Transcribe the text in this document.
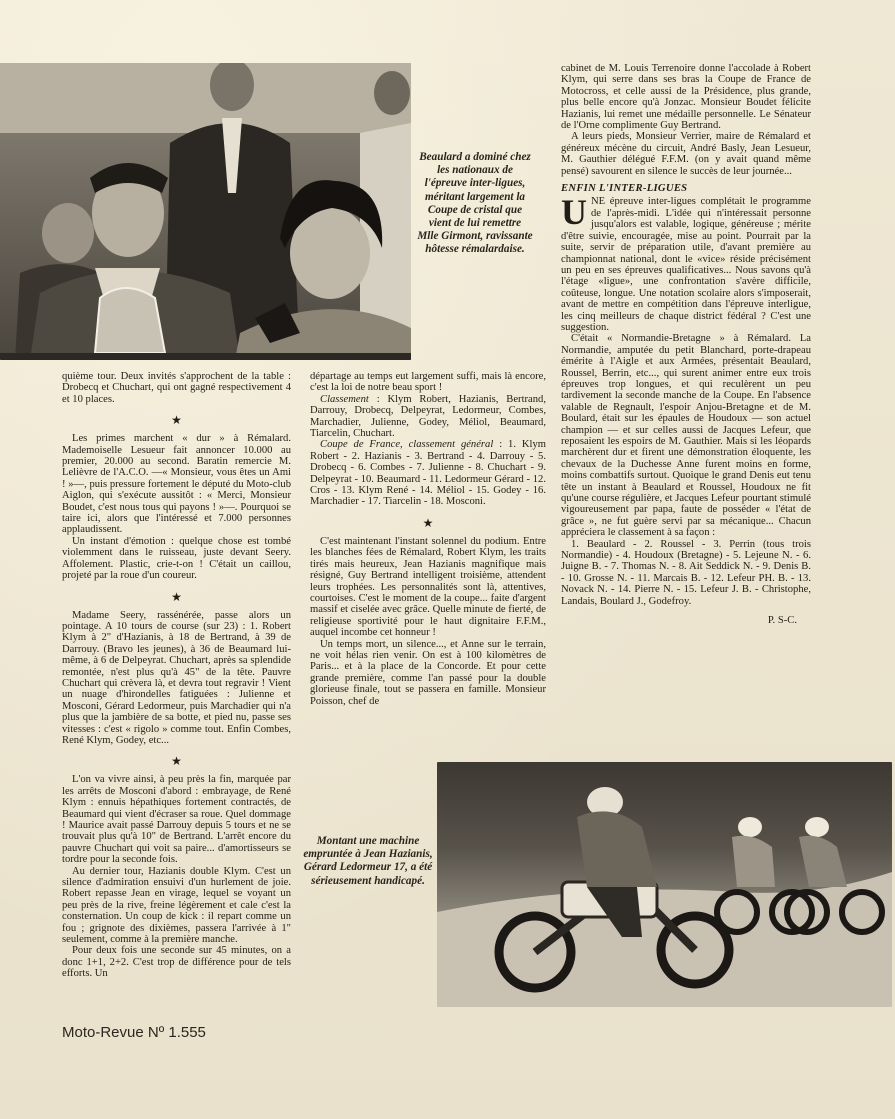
Beaulard a dominé chez les nationaux de l'épreuve inter-ligues, méritant largement la Coupe de cristal que vient de lui remettre Mlle Girmont, ravissante hôtesse rémalardaise.
Montant une machine empruntée à Jean Hazianis, Gérard Ledormeur 17, a été sérieusement handicapé.

quième tour. Deux invités s'approchent de la table : Drobecq et Chuchart, qui ont gagné respectivement 4 et 10 places.

★

Les primes marchent « dur » à Rémalard. Mademoiselle Lesueur fait annoncer 10.000 au premier, 20.000 au second. Baratin remercie M. Lelièvre de l'A.C.O. —« Monsieur, vous êtes un Ami ! »—, puis pressure fortement le député du Moto-club Aiglon, qui s'exécute aussitôt : « Merci, Monsieur Boudet, c'est nous tous qui payons ! »—. Pourquoi se taire ici, alors que l'intéressé et 7.000 personnes applaudissent.

Un instant d'émotion : quelque chose est tombé violemment dans le ruisseau, juste devant Seery. Affolement. Plastic, crie-t-on ! C'était un caillou, projeté par la roue d'un coureur.

★

Madame Seery, rassénérée, passe alors un pointage. A 10 tours de course (sur 23) : 1. Robert Klym à 2" d'Hazianis, à 18 de Bertrand, à 39 de Darrouy. (Bravo les jeunes), à 36 de Beaumard lui-même, à 6 de Delpeyrat. Chuchart, après sa splendide remontée, n'est plus qu'à 45" de la tête. Pauvre Chuchart qui crèvera là, et devra tout regravir ! Vient un nuage d'hirondelles fatiguées : Julienne et Mosconi, Gérard Ledormeur, puis Marchadier qui n'a plus que la jambière de sa botte, et pied nu, passe ses vitesses : c'est « rigolo » comme tout. Enfin Combes, René Klym, Godey, etc...

★

L'on va vivre ainsi, à peu près la fin, marquée par les arrêts de Mosconi d'abord : embrayage, de René Klym : ennuis hépathiques fortement contractés, de Beaumard qui vient d'écraser sa roue. Quel dommage ! Maurice avait passé Darrouy depuis 5 tours et ne se trouvait plus qu'à 10" de Bertrand. L'arrêt encore du pauvre Chuchart qui voit sa paire... d'amortisseurs se tordre pour la seconde fois.

Au dernier tour, Hazianis double Klym. C'est un silence d'admiration ensuivi d'un hurlement de joie. Robert repasse Jean en virage, lequel se voyant un peu près de la rive, freine légèrement et cale c'est la consternation. Un coup de kick : il repart comme un fou ; grignote des dixièmes, passera l'arrivée à 1" seulement, comme à la première manche.

Pour deux fois une seconde sur 45 minutes, on a donc 1+1, 2+2. C'est trop de différence pour de tels efforts. Un

départage au temps eut largement suffi, mais là encore, c'est la loi de notre beau sport !

Classement : Klym Robert, Hazianis, Bertrand, Darrouy, Drobecq, Delpeyrat, Ledormeur, Combes, Marchadier, Julienne, Godey, Méliol, Beaumard, Tiarcelin, Chuchart.

Coupe de France, classement général : 1. Klym Robert - 2. Hazianis - 3. Bertrand - 4. Darrouy - 5. Drobecq - 6. Combes - 7. Julienne - 8. Chuchart - 9. Delpeyrat - 10. Beaumard - 11. Ledormeur Gérard - 12. Cros - 13. Klym René - 14. Méliol - 15. Godey - 16. Marchadier - 17. Tiarcelin - 18. Mosconi.

★

C'est maintenant l'instant solennel du podium. Entre les blanches fées de Rémalard, Robert Klym, les traits tirés mais heureux, Jean Hazianis magnifique mais résigné, Guy Bertrand intelligent troisième, attendent leurs trophées. Les personnalités sont là, attentives, courtoises. C'est le moment de la coupe... faite d'argent massif et ciselée avec grâce. Quelle minute de fierté, de religieuse sportivité pour le haut dignitaire F.F.M., auquel incombe cet honneur !

Un temps mort, un silence..., et Anne sur le terrain, ne voit hélas rien venir. On est à 100 kilomètres de Paris... et à la place de la Concorde. Et pour cette grande première, comme l'an passé pour la double glorieuse finale, tout se passera en famille. Monsieur Poisson, chef de

cabinet de M. Louis Terrenoire donne l'accolade à Robert Klym, qui serre dans ses bras la Coupe de France de Motocross, et celle aussi de la Présidence, plus grande, plus belle encore qu'à Jonzac. Monsieur Boudet félicite Hazianis, lui remet une médaille personnelle. Le Sénateur de l'Orne complimente Guy Bertrand.

A leurs pieds, Monsieur Verrier, maire de Rémalard et généreux mécène du circuit, André Basly, Jean Lesueur, M. Gauthier délégué F.F.M. (on y avait quand même pensé) savourent en silence le succès de leur journée...

ENFIN L'INTER-LIGUES

UNE épreuve inter-ligues complétait le programme de l'après-midi. L'idée qui n'intéressait personne jusqu'alors est valable, logique, généreuse ; mérite d'être suivie, encouragée, mise au point. Pourrait par la suite, servir de préparation utile, d'avant première au championnat national, dont le «vice» réside précisément un peu en ses épreuves qualificatives... Nous savons qu'à l'étage «ligue», une confrontation s'avère difficile, coûteuse, longue. Une notation scolaire alors s'imposerait, avant de mettre en compétition dans l'épreuve interligue, les cinq meilleurs de chaque district fédéral ? C'est une suggestion.

C'était « Normandie-Bretagne » à Rémalard. La Normandie, amputée du petit Blanchard, porte-drapeau émérite à l'Aigle et aux Armées, présentait Beaulard, Roussel, Berrin, etc..., qui surent animer entre eux trois épreuves trop longues, et qui reculèrent un peu tardivement la seconde manche de la Coupe. En l'absence valable de Regnault, l'espoir Anjou-Bretagne et de M. Boulard, était sur les épaules de Houdoux — son actuel champion — et sur celles aussi de Jacques Lefeur, que reposaient les espoirs de M. Gauthier. Mais si les léopards marchèrent dur et firent une démonstration éloquente, les chevaux de la Duchesse Anne furent moins en forme, moins combattifs surtout. Quoique le grand Denis eut tenu tête un instant à Beaulard et Roussel, Houdoux ne fit qu'une course régulière, et Jacques Lefeur pourtant stimulé vigoureusement par papa, faute de posséder « l'état de grâce », ne fut guère servi par sa mécanique... Chacun appréciera le classement à sa façon :

1. Beaulard - 2. Roussel - 3. Perrin (tous trois Normandie) - 4. Houdoux (Bretagne) - 5. Lejeune N. - 6. Juigne B. - 7. Thomas N. - 8. Ait Seddick N. - 9. Denis B. - 10. Grosse N. - 11. Marcais B. - 12. Lefeur PH. B. - 13. Novack N. - 14. Pierre N. - 15. Lefeur J. B. - Christophe, Landais, Boulard J., Godefroy.

P. S-C.
Moto-Revue Nº 1.555
